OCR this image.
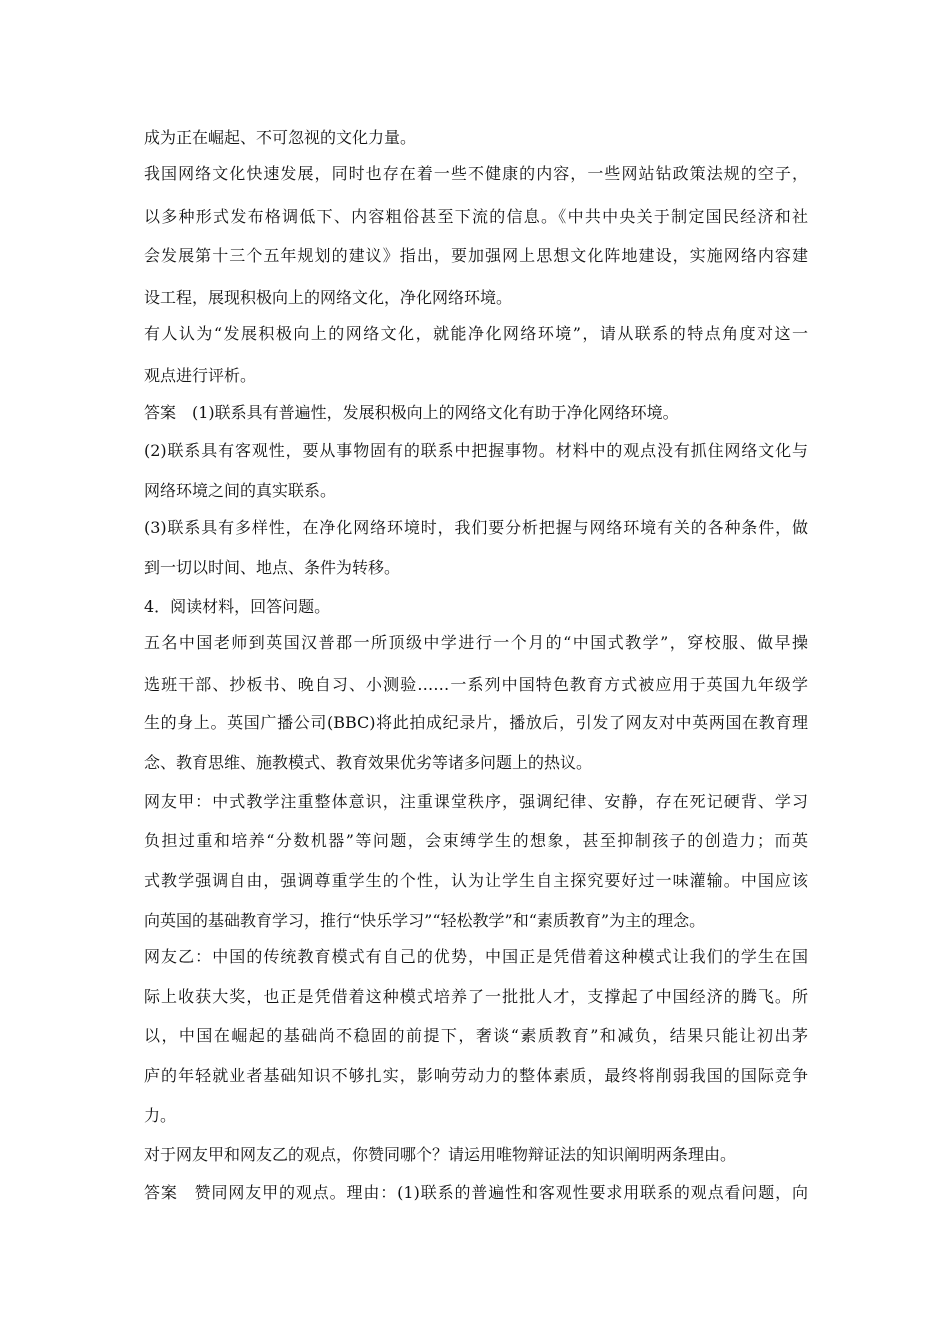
成为正在崛起、不可忽视的文化力量。
我国网络文化快速发展，同时也存在着一些不健康的内容，一些网站钻政策法规的空子，
以多种形式发布格调低下、内容粗俗甚至下流的信息。《中共中央关于制定国民经济和社
会发展第十三个五年规划的建议》指出，要加强网上思想文化阵地建设，实施网络内容建
设工程，展现积极向上的网络文化，净化网络环境。
有人认为“发展积极向上的网络文化，就能净化网络环境”，请从联系的特点角度对这一
观点进行评析。
答案　(1)联系具有普遍性，发展积极向上的网络文化有助于净化网络环境。
(2)联系具有客观性，要从事物固有的联系中把握事物。材料中的观点没有抓住网络文化与
网络环境之间的真实联系。
(3)联系具有多样性，在净化网络环境时，我们要分析把握与网络环境有关的各种条件，做
到一切以时间、地点、条件为转移。
4．阅读材料，回答问题。
五名中国老师到英国汉普郡一所顶级中学进行一个月的“中国式教学”，穿校服、做早操
选班干部、抄板书、晚自习、小测验……一系列中国特色教育方式被应用于英国九年级学
生的身上。英国广播公司(BBC)将此拍成纪录片，播放后，引发了网友对中英两国在教育理
念、教育思维、施教模式、教育效果优劣等诸多问题上的热议。
网友甲：中式教学注重整体意识，注重课堂秩序，强调纪律、安静，存在死记硬背、学习
负担过重和培养“分数机器”等问题，会束缚学生的想象，甚至抑制孩子的创造力；而英
式教学强调自由，强调尊重学生的个性，认为让学生自主探究要好过一味灌输。中国应该
向英国的基础教育学习，推行“快乐学习”“轻松教学”和“素质教育”为主的理念。
网友乙：中国的传统教育模式有自己的优势，中国正是凭借着这种模式让我们的学生在国
际上收获大奖，也正是凭借着这种模式培养了一批批人才，支撑起了中国经济的腾飞。所
以，中国在崛起的基础尚不稳固的前提下，奢谈“素质教育”和减负，结果只能让初出茅
庐的年轻就业者基础知识不够扎实，影响劳动力的整体素质，最终将削弱我国的国际竞争
力。
对于网友甲和网友乙的观点，你赞同哪个？请运用唯物辩证法的知识阐明两条理由。
答案　赞同网友甲的观点。理由：(1)联系的普遍性和客观性要求用联系的观点看问题，向
